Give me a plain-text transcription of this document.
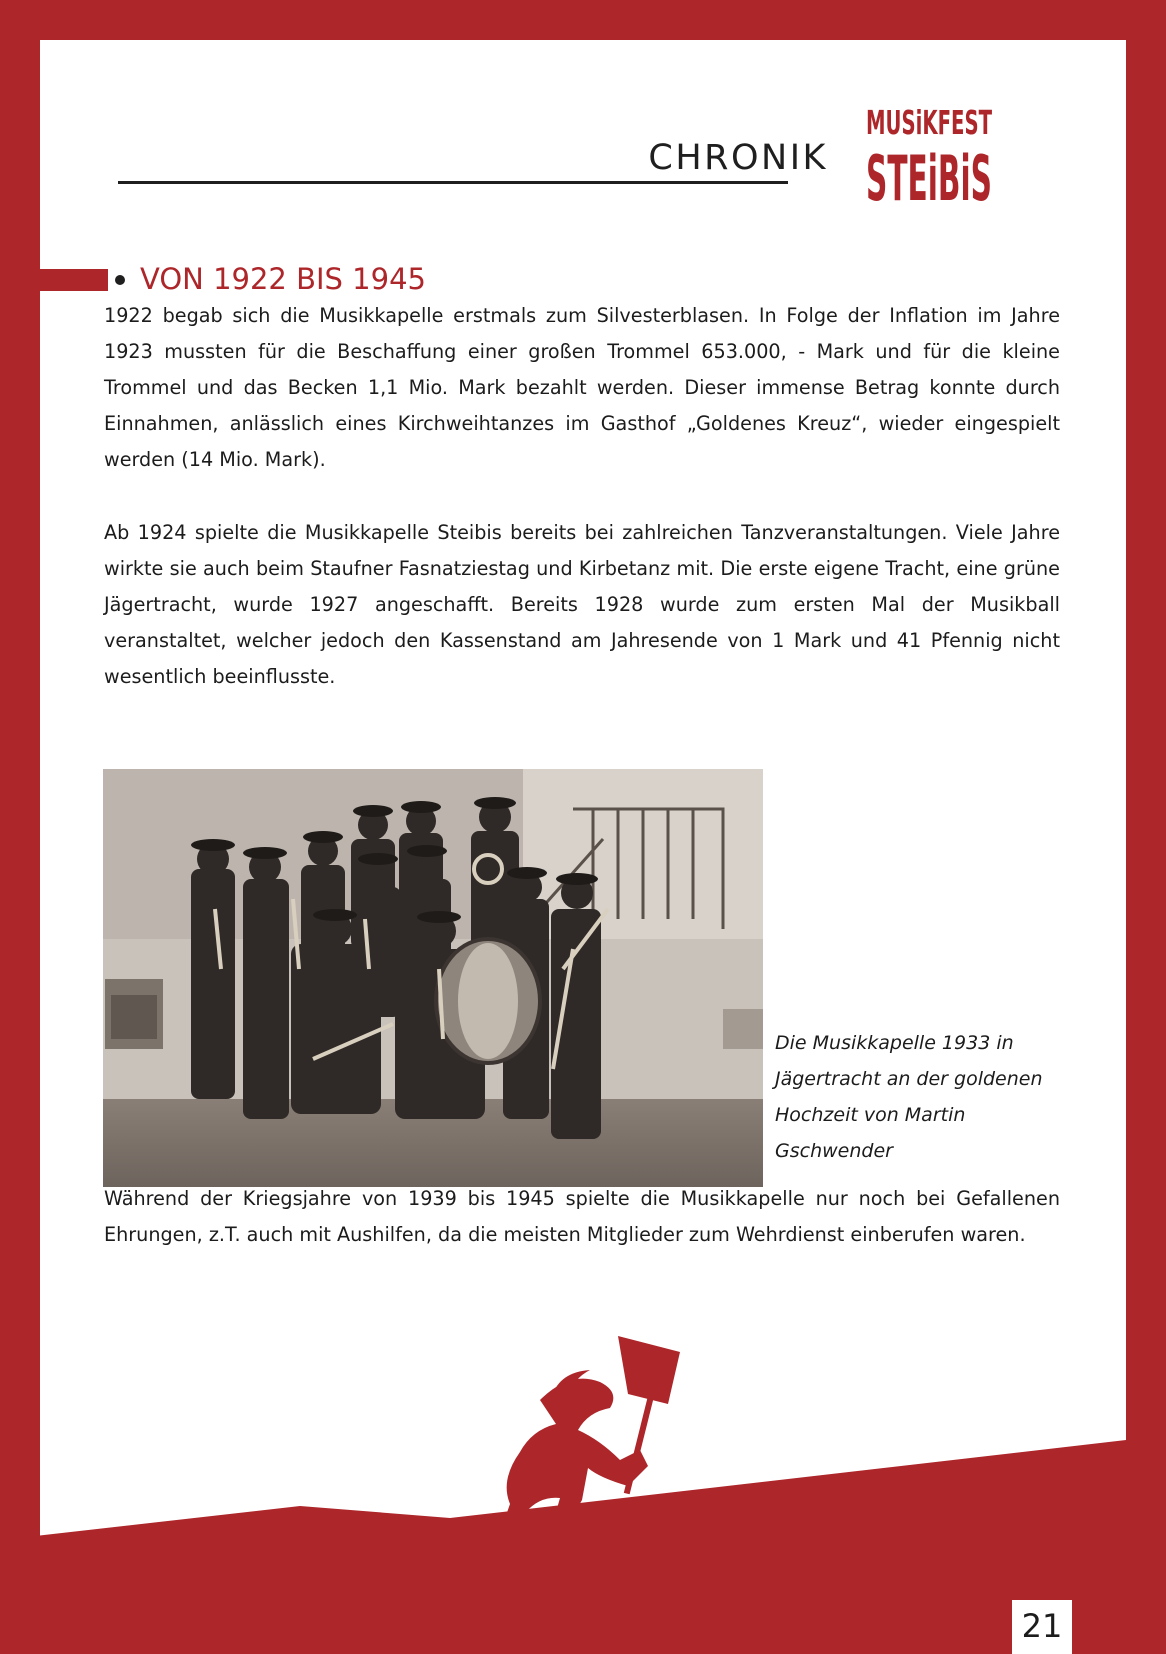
CHRONIK
MUSiKFEST
STEiBiS
VON 1922 BIS 1945

1922 begab sich die Musikkapelle erstmals zum Silvesterblasen. In Folge der Inflation im Jahre 1923 mussten für die Beschaffung einer großen Trommel 653.000, - Mark und für die kleine Trommel und das Becken 1,1 Mio. Mark bezahlt werden. Dieser immense Betrag konnte durch Einnahmen, anlässlich eines Kirchweihtanzes im Gasthof „Goldenes Kreuz“, wieder eingespielt werden (14 Mio. Mark).

Ab 1924 spielte die Musikkapelle Steibis bereits bei zahlreichen Tanzveranstaltungen. Viele Jahre wirkte sie auch beim Staufner Fasnatziestag und Kirbetanz mit. Die erste eigene Tracht, eine grüne Jägertracht, wurde 1927 angeschafft. Bereits 1928 wurde zum ersten Mal der Musikball veranstaltet, welcher jedoch den Kassenstand am Jahresende von 1 Mark und 41 Pfennig nicht wesentlich beeinflusste.

Die Musikkapelle 1933 in Jägertracht an der goldenen Hochzeit von Martin Gschwender

Während der Kriegsjahre von 1939 bis 1945 spielte die Musikkapelle nur noch bei Gefallenen Ehrungen, z.T. auch mit Aushilfen, da die meisten Mitglieder zum Wehrdienst einberufen waren.

21
